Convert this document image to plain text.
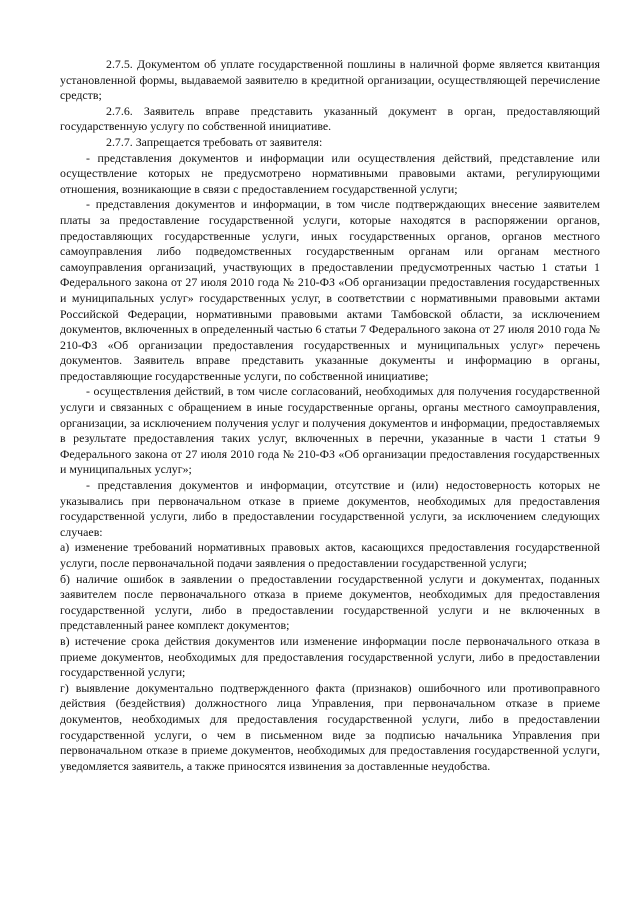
2.7.5. Документом об уплате государственной пошлины в наличной форме является квитанция установленной формы, выдаваемой заявителю в кредитной организации, осуществляющей перечисление средств;

2.7.6. Заявитель вправе представить указанный документ в орган, предоставляющий государственную услугу по собственной инициативе.

2.7.7. Запрещается требовать от заявителя:

- представления документов и информации или осуществления действий, представление или осуществление которых не предусмотрено нормативными правовыми актами, регулирующими отношения, возникающие в связи с предоставлением государственной услуги;

- представления документов и информации, в том числе подтверждающих внесение заявителем платы за предоставление государственной услуги, которые находятся в распоряжении органов, предоставляющих государственные услуги, иных государственных органов, органов местного самоуправления либо подведомственных государственным органам или органам местного самоуправления организаций, участвующих в предоставлении предусмотренных частью 1 статьи 1 Федерального закона от 27 июля 2010 года № 210-ФЗ «Об организации предоставления государственных и муниципальных услуг» государственных услуг, в соответствии с нормативными правовыми актами Российской Федерации, нормативными правовыми актами Тамбовской области, за исключением документов, включенных в определенный частью 6 статьи 7 Федерального закона от 27 июля 2010 года № 210-ФЗ «Об организации предоставления государственных и муниципальных услуг» перечень документов. Заявитель вправе представить указанные документы и информацию в органы, предоставляющие государственные услуги, по собственной инициативе;

- осуществления действий, в том числе согласований, необходимых для получения государственной услуги и связанных с обращением в иные государственные органы, органы местного самоуправления, организации, за исключением получения услуг и получения документов и информации, предоставляемых в результате предоставления таких услуг, включенных в перечни, указанные в части 1 статьи 9 Федерального закона от 27 июля 2010 года № 210-ФЗ «Об организации предоставления государственных и муниципальных услуг»;

- представления документов и информации, отсутствие и (или) недостоверность которых не указывались при первоначальном отказе в приеме документов, необходимых для предоставления государственной услуги, либо в предоставлении государственной услуги, за исключением следующих случаев:

а) изменение требований нормативных правовых актов, касающихся предоставления государственной услуги, после первоначальной подачи заявления о предоставлении государственной услуги;

б) наличие ошибок в заявлении о предоставлении государственной услуги и документах, поданных заявителем после первоначального отказа в приеме документов, необходимых для предоставления государственной услуги, либо в предоставлении государственной услуги и не включенных в представленный ранее комплект документов;

в) истечение срока действия документов или изменение информации после первоначального отказа в приеме документов, необходимых для предоставления государственной услуги, либо в предоставлении государственной услуги;

г) выявление документально подтвержденного факта (признаков) ошибочного или противоправного действия (бездействия) должностного лица Управления, при первоначальном отказе в приеме документов, необходимых для предоставления государственной услуги, либо в предоставлении государственной услуги, о чем в письменном виде за подписью начальника Управления при первоначальном отказе в приеме документов, необходимых для предоставления государственной услуги, уведомляется заявитель, а также приносятся извинения за доставленные неудобства.
